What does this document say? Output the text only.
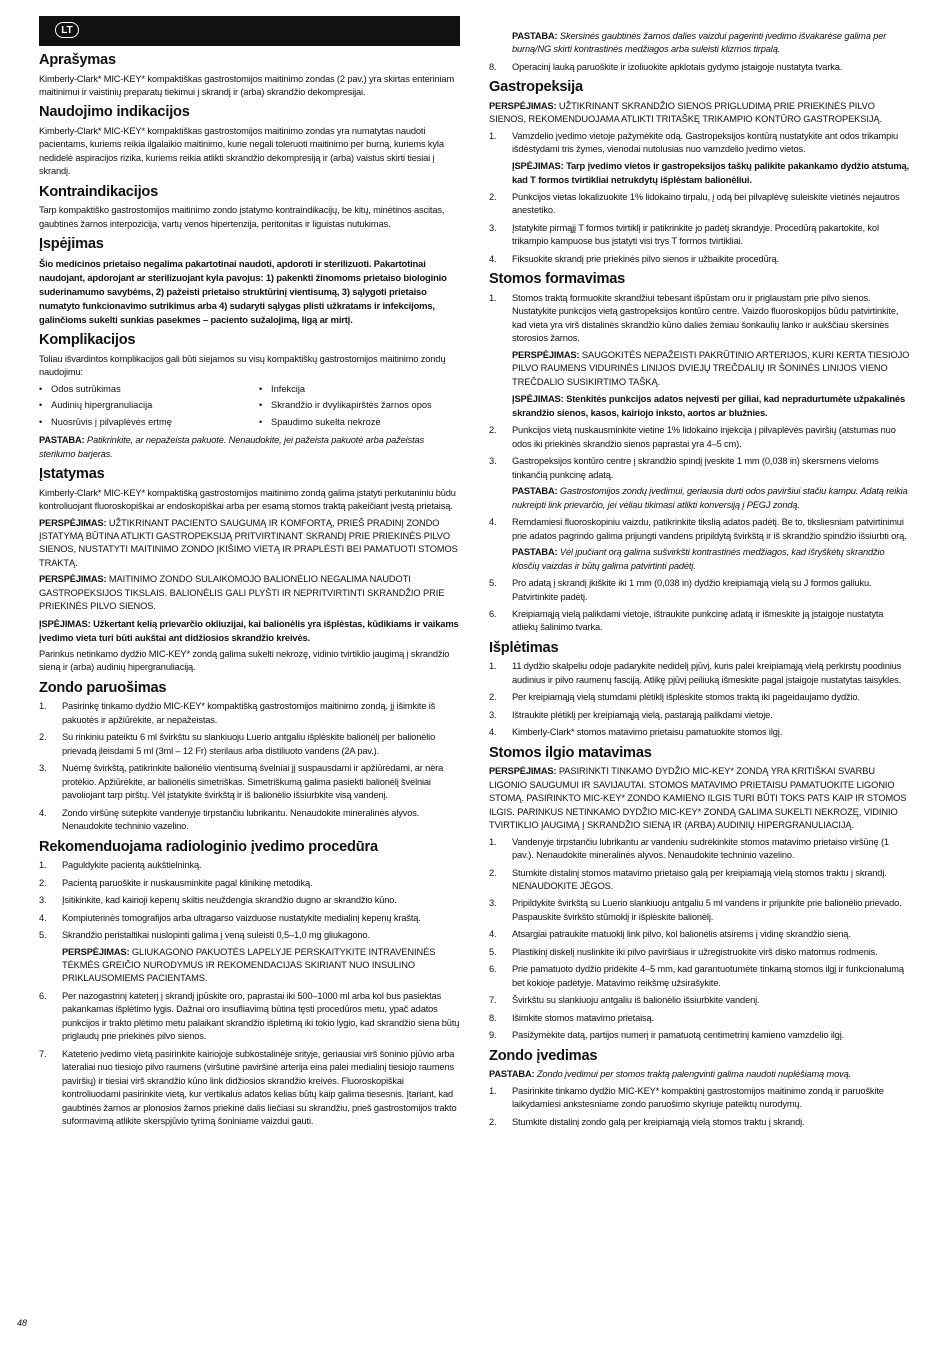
LT
Aprašymas

Kimberly-Clark* MIC-KEY* kompaktiškas gastrostomijos maitinimo zondas (2 pav.) yra skirtas enteriniam maitinimui ir vaistinių preparatų tiekimui į skrandį ir (arba) skrandžio dekompresijai.

Naudojimo indikacijos

Kimberly-Clark* MIC-KEY* kompaktiškas gastrostomijos maitinimo zondas yra numatytas naudoti pacientams, kuriems reikia ilgalaikio maitinimo, kurie negali toleruoti maitinimo per burną, kuriems kyla nedidelė aspiracijos rizika, kuriems reikia atlikti skrandžio dekompresiją ir (arba) vaistus skirti tiesiai į skrandį.

Kontraindikacijos

Tarp kompaktiško gastrostomijos maitinimo zondo įstatymo kontraindikacijų, be kitų, minėtinos ascitas, gaubtinės žarnos interpozicija, vartų venos hipertenzija, peritonitas ir liguistas nutukimas.

Įspėjimas

Šio medicinos prietaiso negalima pakartotinai naudoti, apdoroti ir sterilizuoti. Pakartotinai naudojant, apdorojant ar sterilizuojant kyla pavojus: 1) pakenkti žinomoms prietaiso biologinio suderinamumo savybėms, 2) pažeisti prietaiso struktūrinį vientisumą, 3) sąlygoti prietaiso numatyto funkcionavimo sutrikimus arba 4) sudaryti sąlygas plisti užkratams ir infekcijoms, galinčioms sukelti sunkias pasekmes – paciento sužalojimą, ligą ar mirtį.

Komplikacijos

Toliau išvardintos komplikacijos gali būti siejamos su visų kompaktiškų gastrostomijos maitinimo zondų naudojimu:

• Odos sutrūkimas	• Infekcija
• Audinių hipergranuliacija	• Skrandžio ir dvylikapirštės žarnos opos
• Nuosrūvis į pilvaplėvės ertmę	• Spaudimo sukelta nekrozė

PASTABA: Patikrinkite, ar nepažeista pakuotė. Nenaudokite, jei pažeista pakuotė arba pažeistas sterilumo barjeras.

Įstatymas

Kimberly-Clark* MIC-KEY* kompaktišką gastrostomijos maitinimo zondą galima įstatyti perkutaniniu būdu kontroliuojant fluoroskopiškai ar endoskopiškai arba per esamą stomos traktą pakeičiant įvestą prietaisą.

PERSPĖJIMAS: UŽTIKRINANT PACIENTO SAUGUMĄ IR KOMFORTĄ, PRIEŠ PRADINĮ ZONDO ĮSTATYMĄ BŪTINA ATLIKTI GASTROPEKSIJĄ PRITVIRTINANT SKRANDĮ PRIE PRIEKINĖS PILVO SIENOS, NUSTATYTI MAITINIMO ZONDO ĮKIŠIMO VIETĄ IR PRAPLĖSTI BEI PAMATUOTI STOMOS TRAKTĄ.

PERSPĖJIMAS: MAITINIMO ZONDO SULAIKOMOJO BALIONĖLIO NEGALIMA NAUDOTI GASTROPEKSIJOS TIKSLAIS. BALIONĖLIS GALI PLYŠTI IR NEPRITVIRTINTI SKRANDŽIO PRIE PRIEKINĖS PILVO SIENOS.

ĮSPĖJIMAS: Užkertant kelią prievarčio okliuzijai, kai balionėlis yra išplėstas, kūdikiams ir vaikams įvedimo vieta turi būti aukštai ant didžiosios skrandžio kreivės.

Parinkus netinkamo dydžio MIC-KEY* zondą galima sukelti nekrozę, vidinio tvirtiklio įaugimą į skrandžio sieną ir (arba) audinių hipergranuliaciją.

Zondo paruošimas
1. Pasirinkę tinkamo dydžio MIC-KEY* kompaktišką gastrostomijos maitinimo zondą, jį išimkite iš pakuotės ir apžiūrėkite, ar nepažeistas.
2. Su rinkiniu pateiktu 6 ml švirkštu su slankiuoju Luerio antgaliu išplėskite balionėlį per balionėlio prievadą įleisdami 5 ml (3ml – 12 Fr) sterilaus arba distiliuoto vandens (2A pav.).
3. Nuėmę švirkštą, patikrinkite balionėlio vientisumą švelniai jį suspausdami ir apžiūrėdami, ar nėra protėkio. Apžiūrėkite, ar balionėlis simetriškas. Simetriškumą galima pasiekti balionėlį švelniai pavoliojant tarp pirštų. Vėl įstatykite švirkštą ir iš balionėlio išsiurbkite visą vandenį.
4. Zondo viršūnę sutepkite vandenyje tirpstančiu lubrikantu. Nenaudokite mineralinės alyvos. Nenaudokite techninio vazelino.
Rekomenduojama radiologinio įvedimo procedūra
1. Paguldykite pacientą aukštielninką.
2. Pacientą paruoškite ir nuskausminkite pagal klinikinę metodiką.
3. Įsitikinkite, kad kairioji kepenų skiltis neuždengia skrandžio dugno ar skrandžio kūno.
4. Kompiuterinės tomografijos arba ultragarso vaizduose nustatykite medialinį kepenų kraštą.
5. Skrandžio peristaltikai nuslopinti galima į veną suleisti 0,5–1,0 mg gliukagono.

PERSPĖJIMAS: GLIUKAGONO PAKUOTĖS LAPELYJE PERSKAITYKITE INTRAVENINĖS TĖKMĖS GREIČIO NURODYMUS IR REKOMENDACIJAS SKIRIANT NUO INSULINO PRIKLAUSOMIEMS PACIENTAMS.

6. Per nazogastrinį kateterį į skrandį įpūskite oro, paprastai iki 500–1000 ml arba kol bus pasiektas pakankamas išplėtimo lygis. Dažnai oro insufliavimą būtina tęsti procedūros metu, ypač adatos punkcijos ir trakto plėtimo metu palaikant skrandžio išplėtimą iki tokio lygio, kad skrandžio siena būtų priglaudų prie priekinės pilvo sienos.
7. Kateterio įvedimo vietą pasirinkite kairiojoje subkostalinėje srityje, geriausiai virš šoninio pjūvio arba lateraliai nuo tiesiojo pilvo raumens (viršutinė paviršinė arterija eina palei medialinį tiesiojo raumens paviršių) ir tiesiai virš skrandžio kūno link didžiosios skrandžio kreivės. Fluoroskopiškai kontroliuodami pasirinkite vietą, kur vertikalus adatos kelias būtų kaip galima tiesesnis. Įtariant, kad gaubtinės žarnos ar plonosios žarnos priekinė dalis liečiasi su skrandžiu, prieš gastrostomijos trakto suformavimą atlikite skerspjūvio tyrimą šoniniame vaizdui gauti.

PASTABA: Skersinės gaubtinės žarnos dalies vaizdui pagerinti įvedimo išvakarėse galima per burną/NG skirti kontrastinės medžiagos arba suleisti klizmos tirpalą.

8. Operacinį lauką paruoškite ir izoliuokite apklotais gydymo įstaigoje nustatyta tvarka.
Gastropeksija

PERSPĖJIMAS: UŽTIKRINANT SKRANDŽIO SIENOS PRIGLUDIMĄ PRIE PRIEKINĖS PILVO SIENOS, REKOMENDUOJAMA ATLIKTI TRITAŠKĘ TRIKAMPIO KONTŪRO GASTROPEKSIJĄ.

1. Vamzdelio įvedimo vietoje pažymėkite odą. Gastropeksijos kontūrą nustatykite ant odos trikampiu išdėstydami tris žymes, vienodai nutolusias nuo vamzdelio įvedimo vietos.

ĮSPĖJIMAS: Tarp įvedimo vietos ir gastropeksijos taškų palikite pakankamo dydžio atstumą, kad T formos tvirtikliai netrukdytų išplėstam balionėliui.

2. Punkcijos vietas lokalizuokite 1% lidokaino tirpalu, į odą bei pilvaplėvę suleiskite vietinės nejautros anestetiko.
3. Įstatykite pirmąjį T formos tvirtiklį ir patikrinkite jo padėtį skrandyje. Procedūrą pakartokite, kol trikampio kampuose bus įstatyti visi trys T formos tvirtikliai.
4. Fiksuokite skrandį prie priekinės pilvo sienos ir užbaikite procedūrą.
Stomos formavimas
1. Stomos traktą formuokite skrandžiui tebesant išpūstam oru ir priglaustam prie pilvo sienos. Nustatykite punkcijos vietą gastropeksijos kontūro centre. Vaizdo fluoroskopijos būdu patvirtinkite, kad vieta yra virš distalinės skrandžio kūno dalies žemiau šonkaulių lanko ir aukščiau skersinės storosios žarnos.

PERSPĖJIMAS: SAUGOKITĖS NEPAŽEISTI PAKRŪTINIO ARTERIJOS, KURI KERTA TIESIOJO PILVO RAUMENS VIDURINĖS LINIJOS DVIEJŲ TREČDALIŲ IR ŠONINĖS LINIJOS VIENO TREČDALIO SUSIKIRTIMO TAŠKĄ.

ĮSPĖJIMAS: Stenkitės punkcijos adatos neįvesti per giliai, kad nepradurtumėte užpakalinės skrandžio sienos, kasos, kairiojo inksto, aortos ar blužnies.

2. Punkcijos vietą nuskausminkite vietine 1% lidokaino injekcija į pilvaplėvės paviršių (atstumas nuo odos iki priekinės skrandžio sienos paprastai yra 4–5 cm).
3. Gastropeksijos kontūro centre į skrandžio spindį įveskite 1 mm (0,038 in) skersmens vieloms tinkančią punkcinę adatą.

PASTABA: Gastrostomijos zondų įvedimui, geriausia durti odos paviršiui stačiu kampu. Adatą reikia nukreipti link prievarčio, jei vėliau tikimasi atlikti konversiją į PEGJ zondą.

4. Remdamiesi fluoroskopiniu vaizdu, patikrinkite tikslią adatos padėtį. Be to, tiksliesniam patvirtinimui prie adatos pagrindo galima prijungti vandens pripildytą švirkštą ir iš skrandžio spindžio išsiurbti orą.

PASTABA: Vėl įpučiant orą galima sušvirkšti kontrastinės medžiagos, kad išryškėtų skrandžio klosčių vaizdas ir būtų galima patvirtinti padėtį.

5. Pro adatą į skrandį įkiškite iki 1 mm (0,038 in) dydžio kreipiamąją vielą su J formos galiuku. Patvirtinkite padėtį.
6. Kreipiamąją vielą palikdami vietoje, ištraukite punkcinę adatą ir išmeskite ją įstaigoje nustatyta atliekų šalinimo tvarka.
Išplėtimas
1. 11 dydžio skalpeliu odoje padarykite nedidelį pjūvį, kuris palei kreipiamąją vielą perkirstų poodinius audinius ir pilvo raumenų fasciją. Atlikę pjūvį peiliuką išmeskite pagal įstaigoje nustatytas taisykles.
2. Per kreipiamąją vielą stumdami plėtiklį išplėskite stomos traktą iki pageidaujamo dydžio.
3. Ištraukite plėtiklį per kreipiamąją vielą, pastarąją palikdami vietoje.
4. Kimberly-Clark* stomos matavimo prietaisu pamatuokite stomos ilgį.
Stomos ilgio matavimas

PERSPĖJIMAS: PASIRINKTI TINKAMO DYDŽIO MIC-KEY* ZONDĄ YRA KRITIŠKAI SVARBU LIGONIO SAUGUMUI IR SAVIJAUTAI. STOMOS MATAVIMO PRIETAISU PAMATUOKITE LIGONIO STOMĄ. PASIRINKTO MIC-KEY* ZONDO KAMIENO ILGIS TURI BŪTI TOKS PATS KAIP IR STOMOS ILGIS. PARINKUS NETINKAMO DYDŽIO MIC-KEY* ZONDĄ GALIMA SUKELTI NEKROZĘ, VIDINIO TVIRTIKLIO ĮAUGIMĄ Į SKRANDŽIO SIENĄ IR (ARBA) AUDINIŲ HIPERGRANULIACIJĄ.

1. Vandenyje tirpstančiu lubrikantu ar vandeniu sudrėkinkite stomos matavimo prietaiso viršūnę (1 pav.). Nenaudokite mineralinės alyvos. Nenaudokite techninio vazelino.
2. Stumkite distalinį stomos matavimo prietaiso galą per kreipiamąją vielą stomos traktu į skrandį. NENAUDOKITE JĖGOS.
3. Pripildykite švirkštą su Luerio slankiuoju antgaliu 5 ml vandens ir prijunkite prie balionėlio prievado. Paspauskite švirkšto stūmoklį ir išplėskite balionėlį.
4. Atsargiai patraukite matuoklį link pilvo, kol balionėlis atsirems į vidinę skrandžio sieną.
5. Plastikinį diskelį nuslinkite iki pilvo paviršiaus ir užregistruokite virš disko matomus rodmenis.
6. Prie pamatuoto dydžio pridėkite 4–5 mm, kad garantuotumėte tinkamą stomos ilgį ir funkcionalumą bet kokioje padėtyje. Matavimo reikšmę užsirašykite.
7. Švirkštu su slankiuoju antgaliu iš balionėlio išsiurbkite vandenį.
8. Išimkite stomos matavimo prietaisą.
9. Pasižymėkite datą, partijos numerį ir pamatuotą centimetrinį kamieno vamzdelio ilgį.
Zondo įvedimas

PASTABA: Zondo įvedimui per stomos traktą palengvinti galima naudoti nuplėšiamą movą.

1. Pasirinkite tinkamo dydžio MIC-KEY* kompaktinį gastrostomijos maitinimo zondą ir paruoškite laikydamiesi ankstesniame zondo paruošimo skyriuje pateiktų nurodymų.
2. Stumkite distalinį zondo galą per kreipiamąją vielą stomos traktu į skrandį.
48
